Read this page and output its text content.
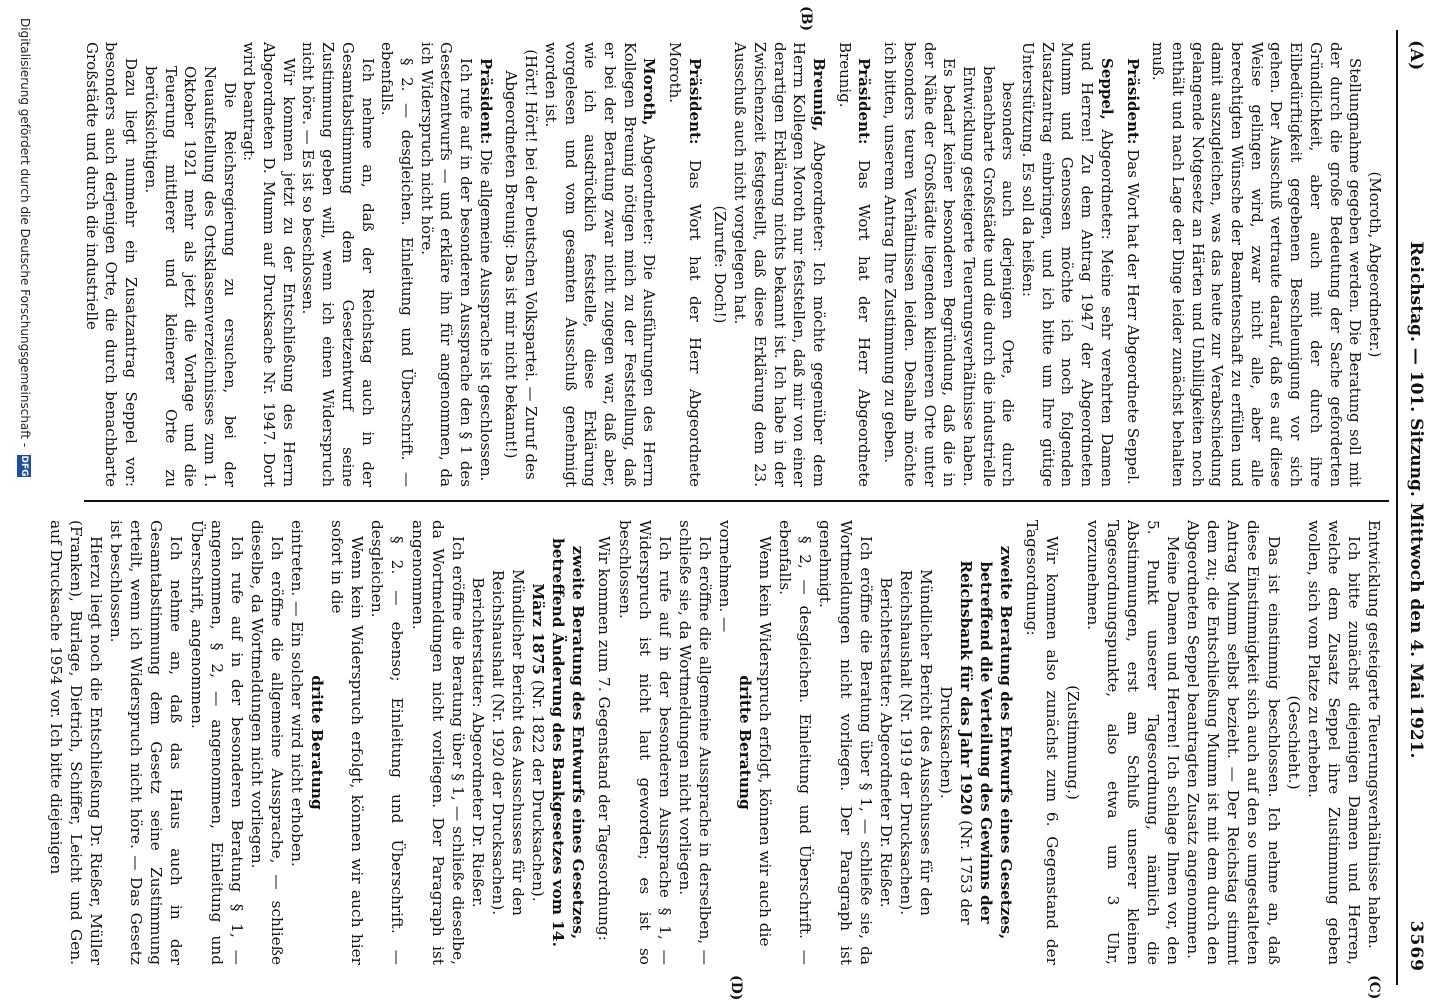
(A)
Reichstag. — 101. Sitzung. Mittwoch den 4. Mai 1921.
3569
(B)
(C)
(D)

(Moroth, Abgeordneter.)

Stellungnahme gegeben werden. Die Beratung soll mit der durch die große Bedeutung der Sache geforderten Gründlichkeit, aber auch mit der durch ihre Eilbedürftigkeit gegebenen Beschleunigung vor sich gehen. Der Ausschuß vertraute darauf, daß es auf diese Weise gelingen wird, zwar nicht alle, aber alle berechtigten Wünsche der Beamtenschaft zu erfüllen und damit auszugleichen, was das heute zur Verabschiedung gelangende Notgesetz an Härten und Unbilligkeiten noch enthält und nach Lage der Dinge leider zunächst behalten muß.

Präsident: Das Wort hat der Herr Abgeordnete Seppel.

Seppel, Abgeordneter: Meine sehr verehrten Damen und Herren! Zu dem Antrag 1947 der Abgeordneten Mumm und Genossen möchte ich noch folgenden Zusatzantrag einbringen, und ich bitte um Ihre gütige Unterstützung. Es soll da heißen:

besonders auch derjenigen Orte, die durch benachbarte Großstädte und die durch die industrielle Entwicklung gesteigerte Teuerungsverhältnisse haben.

Es bedarf keiner besonderen Begründung, daß die in der Nähe der Großstädte liegenden kleineren Orte unter besonders teuren Verhältnissen leiden. Deshalb möchte ich bitten, unserem Antrag Ihre Zustimmung zu geben.

Präsident: Das Wort hat der Herr Abgeordnete Breunig.

Breunig, Abgeordneter: Ich möchte gegenüber dem Herrn Kollegen Moroth nur feststellen, daß mir von einer derartigen Erklärung nichts bekannt ist. Ich habe in der Zwischenzeit festgestellt, daß diese Erklärung dem 23. Ausschuß auch nicht vorgelegen hat.

(Zurufe: Doch!)

Präsident: Das Wort hat der Herr Abgeordnete Moroth.

Moroth, Abgeordneter: Die Ausführungen des Herrn Kollegen Breunig nötigen mich zu der Feststellung, daß er bei der Beratung zwar nicht zugegen war, daß aber, wie ich ausdrücklich feststelle, diese Erklärung vorgelesen und vom gesamten Ausschuß genehmigt worden ist.

(Hört! Hört! bei der Deutschen Volkspartei. — Zuruf des Abgeordneten Breunig: Das ist mir nicht bekannt!)

Präsident: Die allgemeine Aussprache ist geschlossen.

Ich rufe auf in der besonderen Aussprache den § 1 des Gesetzentwurfs — und erkläre ihn für angenommen, da ich Widerspruch nicht höre.

§ 2. — desgleichen. Einleitung und Überschrift. — ebenfalls.

Ich nehme an, daß der Reichstag auch in der Gesamtabstimmung dem Gesetzentwurf seine Zustimmung geben will, wenn ich einen Widerspruch nicht höre. — Es ist so beschlossen.

Wir kommen jetzt zu der Entschließung des Herrn Abgeordneten D. Mumm auf Drucksache Nr. 1947. Dort wird beantragt:

Die Reichsregierung zu ersuchen, bei der Neuaufstellung des Ortsklassenverzeichnisses zum 1. Oktober 1921 mehr als jetzt die Vorlage und die Teuerung mittlerer und kleinerer Orte zu berücksichtigen.

Dazu liegt nunmehr ein Zusatzantrag Seppel vor: besonders auch derjenigen Orte, die durch benachbarte Großstädte und durch die industrielle

Entwicklung gesteigerte Teuerungsverhältnisse haben.

Ich bitte zunächst diejenigen Damen und Herren, welche dem Zusatz Seppel ihre Zustimmung geben wollen, sich vom Platze zu erheben.

(Geschieht.)

Das ist einstimmig beschlossen. Ich nehme an, daß diese Einstimmigkeit sich auch auf den so umgestalteten Antrag Mumm selbst bezieht. — Der Reichstag stimmt dem zu; die Entschließung Mumm ist mit dem durch den Abgeordneten Seppel beantragten Zusatz angenommen.

Meine Damen und Herren! Ich schlage Ihnen vor, den 5. Punkt unserer Tagesordnung, nämlich die Abstimmungen, erst am Schluß unserer kleinen Tagesordnungspunkte, also etwa um 3 Uhr, vorzunehmen.

(Zustimmung.)

Wir kommen also zunächst zum 6. Gegenstand der Tagesordnung:

zweite Beratung des Entwurfs eines Gesetzes, betreffend die Verteilung des Gewinns der Reichsbank für das Jahr 1920 (Nr. 1753 der Drucksachen).

Mündlicher Bericht des Ausschusses für den Reichshaushalt (Nr. 1919 der Drucksachen).

Berichterstatter: Abgeordneter Dr. Rießer.

Ich eröffne die Beratung über § 1, — schließe sie, da Wortmeldungen nicht vorliegen. Der Paragraph ist genehmigt.

§ 2, — desgleichen. Einleitung und Überschrift. — ebenfalls.

Wenn kein Widerspruch erfolgt, können wir auch die

dritte Beratung

vornehmen. —

Ich eröffne die allgemeine Aussprache in derselben, — schließe sie, da Wortmeldungen nicht vorliegen.

Ich rufe auf in der besonderen Aussprache § 1, — Widerspruch ist nicht laut geworden; es ist so beschlossen.

Wir kommen zum 7. Gegenstand der Tagesordnung:

zweite Beratung des Entwurfs eines Gesetzes, betreffend Änderung des Bankgesetzes vom 14. März 1875 (Nr. 1822 der Drucksachen).

Mündlicher Bericht des Ausschusses für den Reichshaushalt (Nr. 1920 der Drucksachen).

Berichterstatter: Abgeordneter Dr. Rießer.

Ich eröffne die Beratung über § 1, — schließe dieselbe, da Wortmeldungen nicht vorliegen. Der Paragraph ist angenommen.

§ 2. — ebenso; Einleitung und Überschrift. — desgleichen.

Wenn kein Widerspruch erfolgt, können wir auch hier sofort in die

dritte Beratung

eintreten. — Ein solcher wird nicht erhoben.

Ich eröffne die allgemeine Aussprache, — schließe dieselbe, da Wortmeldungen nicht vorliegen.

Ich rufe auf in der besonderen Beratung § 1, — angenommen, § 2, — angenommen, Einleitung und Überschrift, angenommen.

Ich nehme an, daß das Haus auch in der Gesamtabstimmung dem Gesetz seine Zustimmung erteilt, wenn ich Widerspruch nicht höre. — Das Gesetz ist beschlossen.

Hierzu liegt noch die Entschließung Dr. Rießer, Müller (Franken), Burlage, Dietrich, Schiffer, Leicht und Gen. auf Drucksache 1954 vor. Ich bitte diejenigen

Digitalisierung gefördert durch die Deutsche Forschungsgemeinschaft - DFG
